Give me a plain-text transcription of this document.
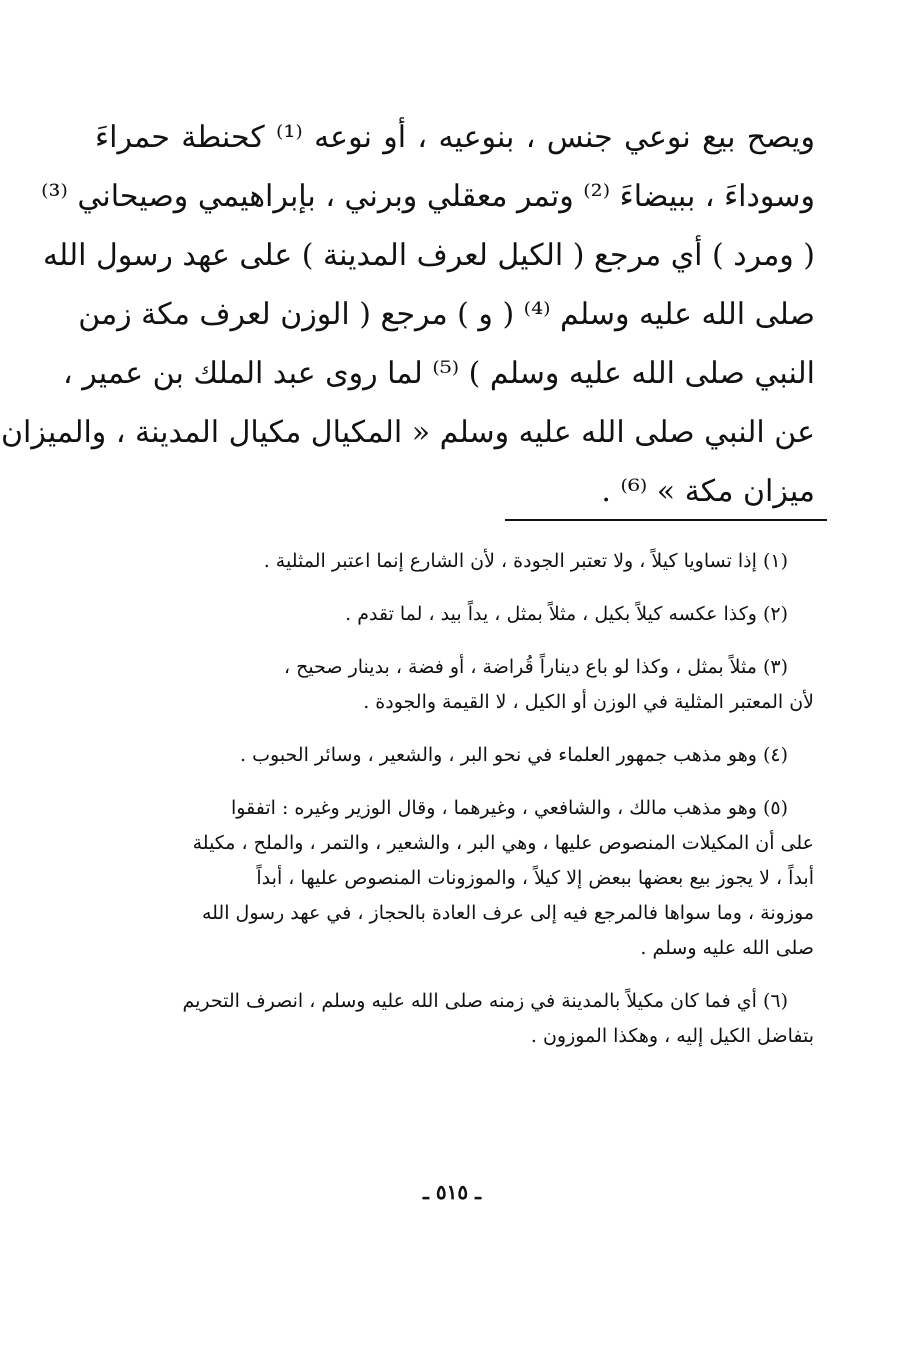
ويصح بيع نوعي جنس ، بنوعيه ، أو نوعه ⁽¹⁾ كحنطة حمراءَ
وسوداءَ ، ببيضاءَ ⁽²⁾ وتمر معقلي وبرني ، بإبراهيمي وصيحاني ⁽³⁾
( ومرد ) أي مرجع ( الكيل لعرف المدينة ) على عهد رسول الله
صلى الله عليه وسلم ⁽⁴⁾ ( و ) مرجع ( الوزن لعرف مكة زمن
النبي صلى الله عليه وسلم ) ⁽⁵⁾ لما روى عبد الملك بن عمير ،
عن النبي صلى الله عليه وسلم « المكيال مكيال المدينة ، والميزان
ميزان مكة » ⁽⁶⁾ .
(١)إذا تساويا كيلاً ، ولا تعتبر الجودة ، لأن الشارع إنما اعتبر المثلية .
(٢)وكذا عكسه كيلاً بكيل ، مثلاً بمثل ، يداً بيد ، لما تقدم .
(٣)مثلاً بمثل ، وكذا لو باع ديناراً قُراضة ، أو فضة ، بدينار صحيح ،
لأن المعتبر المثلية في الوزن أو الكيل ، لا القيمة والجودة .
(٤)وهو مذهب جمهور العلماء في نحو البر ، والشعير ، وسائر الحبوب .
(٥)وهو مذهب مالك ، والشافعي ، وغيرهما ، وقال الوزير وغيره : اتفقوا
على أن المكيلات المنصوص عليها ، وهي البر ، والشعير ، والتمر ، والملح ، مكيلة
أبداً ، لا يجوز بيع بعضها ببعض إلا كيلاً ، والموزونات المنصوص عليها ، أبداً
موزونة ، وما سواها فالمرجع فيه إلى عرف العادة بالحجاز ، في عهد رسول الله
صلى الله عليه وسلم .
(٦)أي فما كان مكيلاً بالمدينة في زمنه صلى الله عليه وسلم ، انصرف التحريم
بتفاضل الكيل إليه ، وهكذا الموزون .
ـ ٥١٥ ـ
